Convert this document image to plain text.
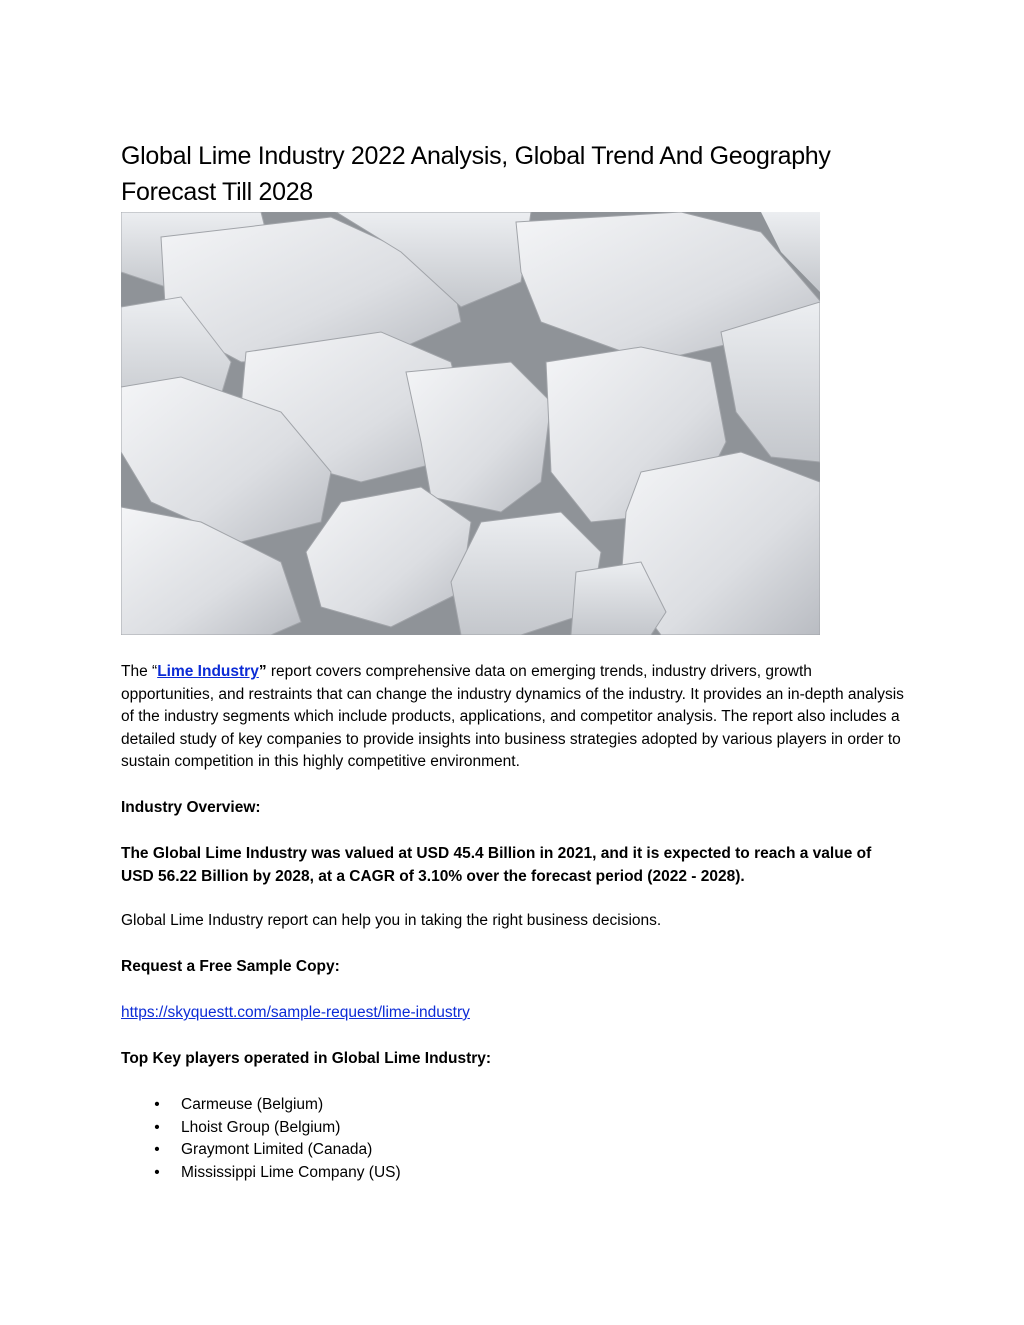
Global Lime Industry 2022 Analysis, Global Trend And Geography Forecast Till 2028

The “Lime Industry” report covers comprehensive data on emerging trends, industry drivers, growth opportunities, and restraints that can change the industry dynamics of the industry. It provides an in-depth analysis of the industry segments which include products, applications, and competitor analysis. The report also includes a detailed study of key companies to provide insights into business strategies adopted by various players in order to sustain competition in this highly competitive environment.

Industry Overview:

The Global Lime Industry was valued at USD 45.4 Billion in 2021, and it is expected to reach a value of USD 56.22 Billion by 2028, at a CAGR of 3.10% over the forecast period (2022 - 2028).

Global Lime Industry report can help you in taking the right business decisions.

Request a Free Sample Copy:

https://skyquestt.com/sample-request/lime-industry

Top Key players operated in Global Lime Industry:

• Carmeuse (Belgium)
• Lhoist Group (Belgium)
• Graymont Limited (Canada)
• Mississippi Lime Company (US)
